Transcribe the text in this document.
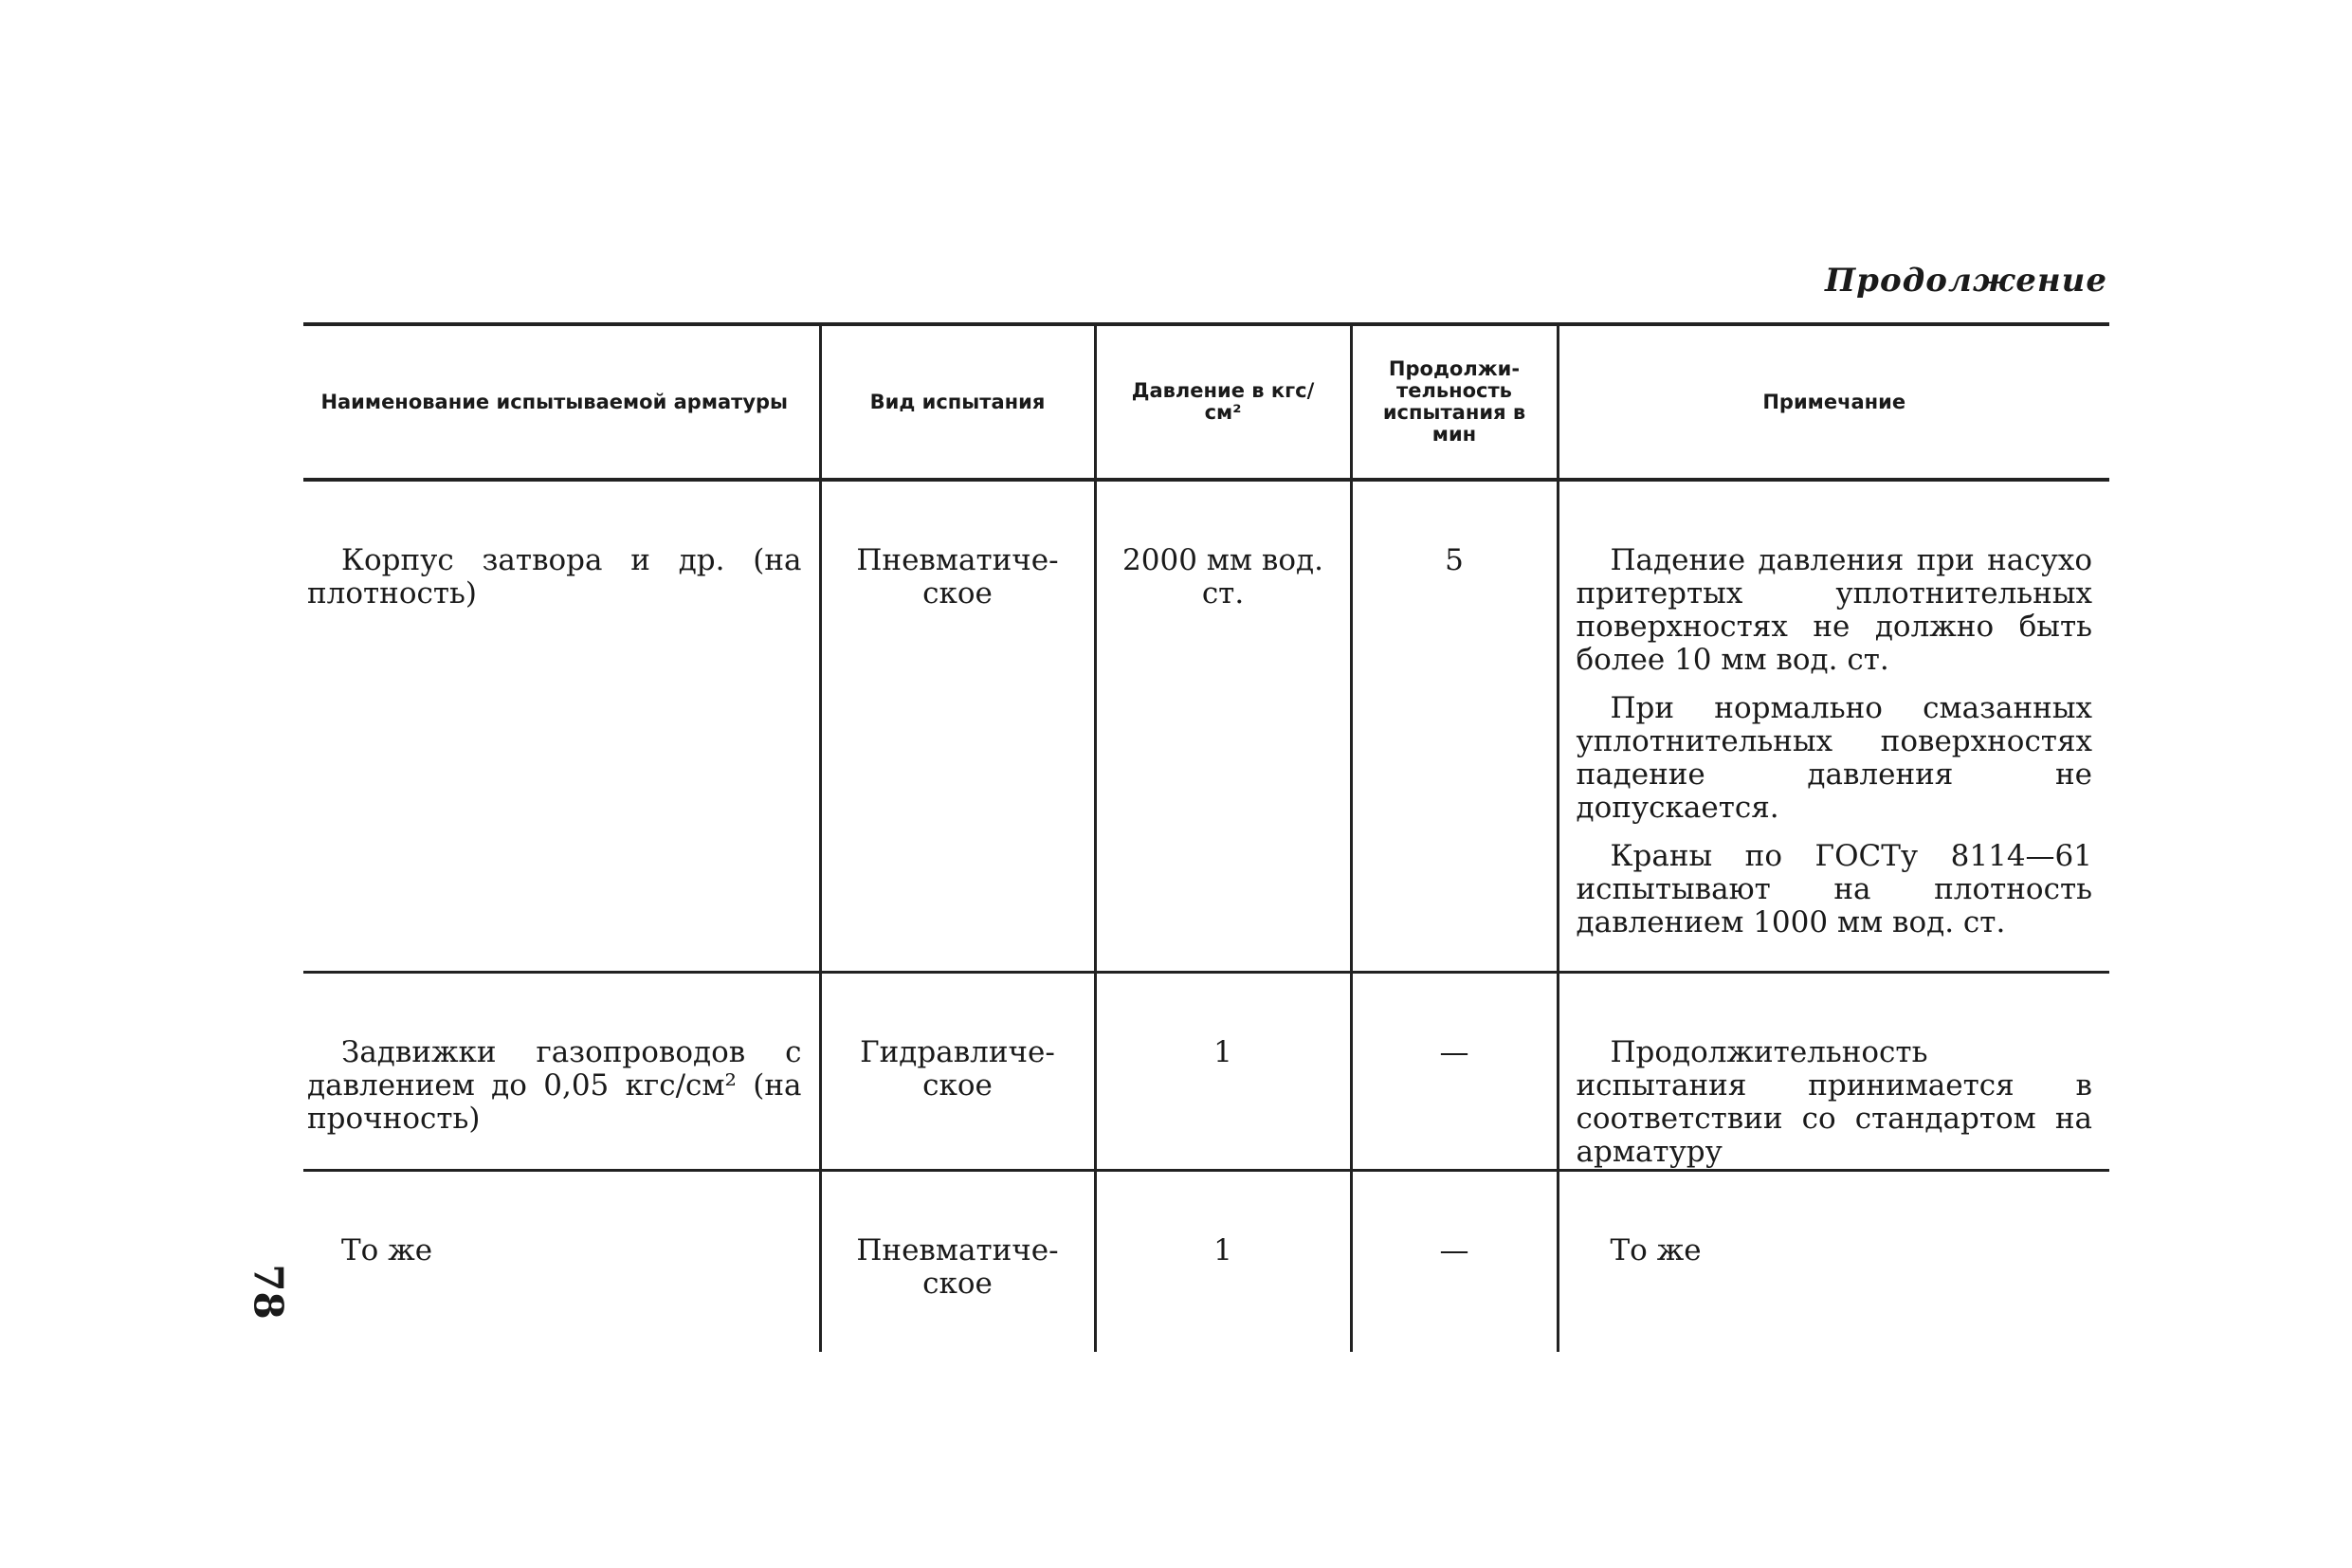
Продолжение
78
Наименование испытываемой арматуры	Вид испытания	Давление в кгс/см²	Продолжи-тельность испытания в мин	Примечание

Корпус затвора и др. (на плотность)	Пневматиче-ское	2000 мм вод. ст.	5	Падение давления при насухо притертых уплотнительных поверхностях не должно быть более 10 мм вод. ст.

При нормально смазанных уплотнительных поверхностях падение давления не допускается.

Краны по ГОСТу 8114—61 испытывают на плотность давлением 1000 мм вод. ст.

Задвижки газопроводов с давлением до 0,05 кгс/см² (на прочность)	Гидравличе-ское	1	—	Продолжительность испытания принимается в соответствии со стандартом на арматуру

То же	Пневматиче-ское	1	—	То же
